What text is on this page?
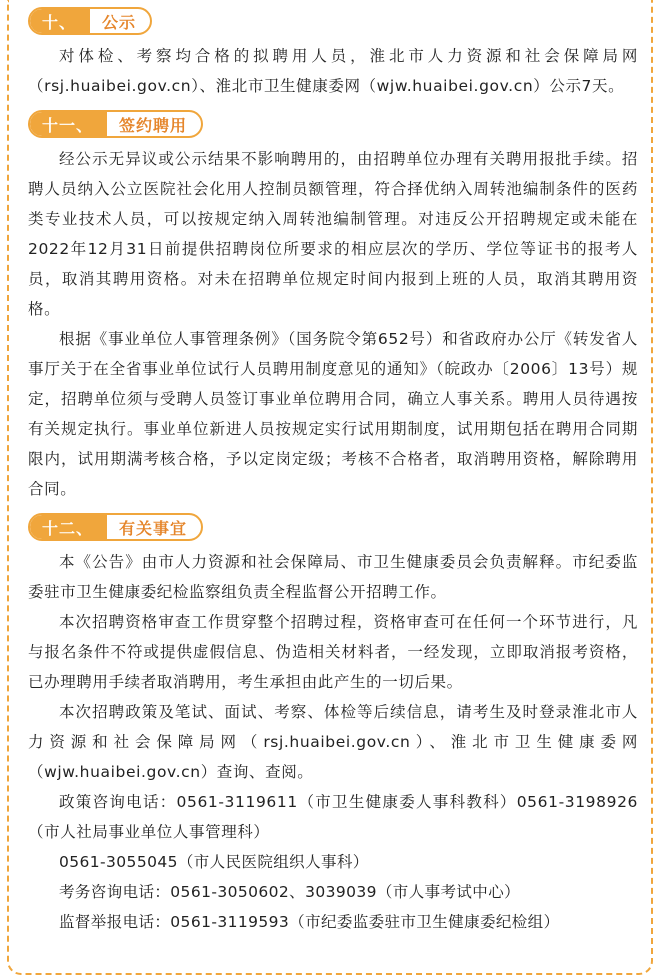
十、	公示

对体检、考察均合格的拟聘用人员，淮北市人力资源和社会保障局网（rsj.huaibei.gov.cn）、淮北市卫生健康委网（wjw.huaibei.gov.cn）公示7天。

十一、	签约聘用

经公示无异议或公示结果不影响聘用的，由招聘单位办理有关聘用报批手续。招聘人员纳入公立医院社会化用人控制员额管理，符合择优纳入周转池编制条件的医药类专业技术人员，可以按规定纳入周转池编制管理。对违反公开招聘规定或未能在2022年12月31日前提供招聘岗位所要求的相应层次的学历、学位等证书的报考人员，取消其聘用资格。对未在招聘单位规定时间内报到上班的人员，取消其聘用资格。

根据《事业单位人事管理条例》（国务院令第652号）和省政府办公厅《转发省人事厅关于在全省事业单位试行人员聘用制度意见的通知》（皖政办〔2006〕13号）规定，招聘单位须与受聘人员签订事业单位聘用合同，确立人事关系。聘用人员待遇按有关规定执行。事业单位新进人员按规定实行试用期制度，试用期包括在聘用合同期限内，试用期满考核合格，予以定岗定级；考核不合格者，取消聘用资格，解除聘用合同。

十二、	有关事宜

本《公告》由市人力资源和社会保障局、市卫生健康委员会负责解释。市纪委监委驻市卫生健康委纪检监察组负责全程监督公开招聘工作。

本次招聘资格审查工作贯穿整个招聘过程，资格审查可在任何一个环节进行，凡与报名条件不符或提供虚假信息、伪造相关材料者，一经发现，立即取消报考资格，已办理聘用手续者取消聘用，考生承担由此产生的一切后果。

本次招聘政策及笔试、面试、考察、体检等后续信息，请考生及时登录淮北市人力资源和社会保障局网（rsj.huaibei.gov.cn）、淮北市卫生健康委网（wjw.huaibei.gov.cn）查询、查阅。

政策咨询电话：0561-3119611（市卫生健康委人事科教科）0561-3198926（市人社局事业单位人事管理科）

0561-3055045（市人民医院组织人事科）

考务咨询电话：0561-3050602、3039039（市人事考试中心）

监督举报电话：0561-3119593（市纪委监委驻市卫生健康委纪检组）
